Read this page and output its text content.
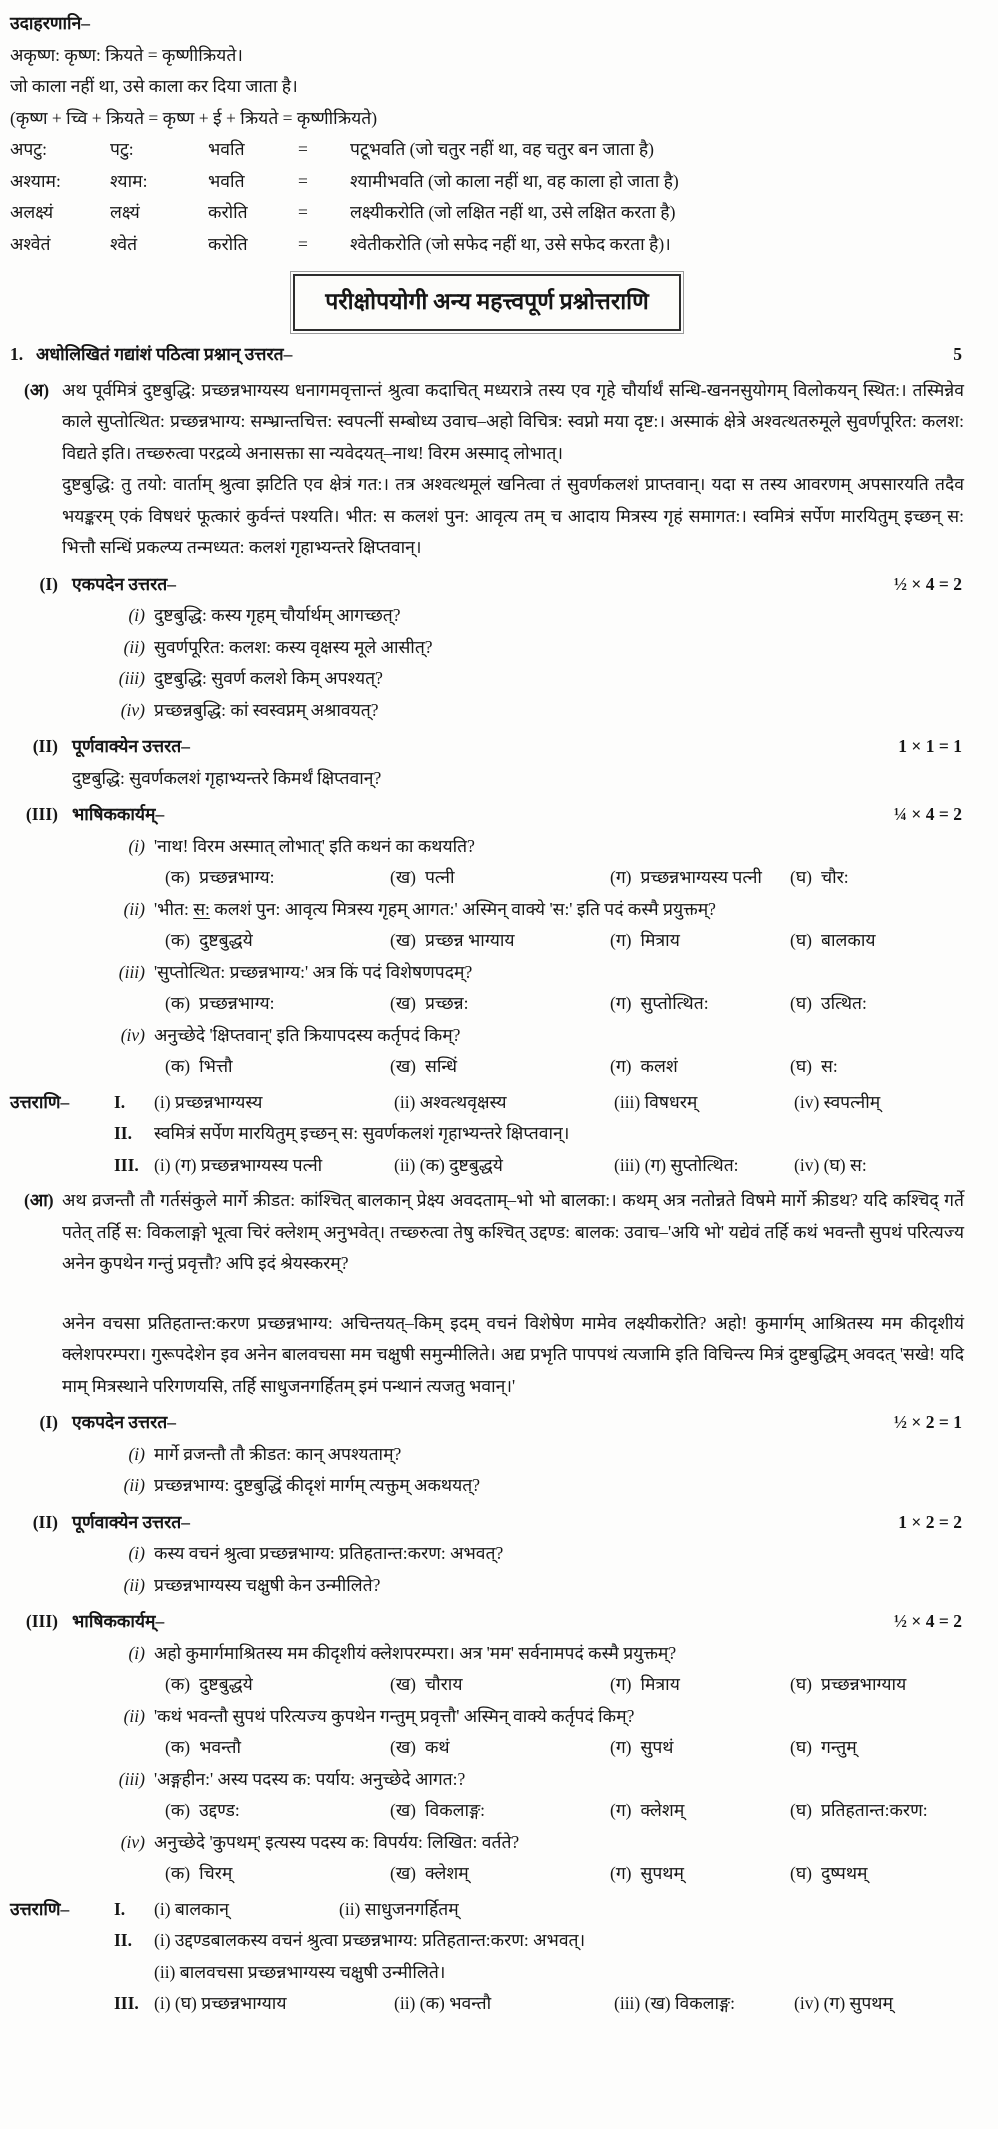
उदाहरणानि–
अकृष्ण: कृष्ण: क्रियते = कृष्णीक्रियते।
जो काला नहीं था, उसे काला कर दिया जाता है।
(कृष्ण + च्वि + क्रियते = कृष्ण + ई + क्रियते = कृष्णीक्रियते)
अपटु:	पटु:	भवति	=	पटूभवति (जो चतुर नहीं था, वह चतुर बन जाता है)
अश्याम:	श्याम:	भवति	=	श्यामीभवति (जो काला नहीं था, वह काला हो जाता है)
अलक्ष्यं	लक्ष्यं	करोति	=	लक्ष्यीकरोति (जो लक्षित नहीं था, उसे लक्षित करता है)
अश्वेतं	श्वेतं	करोति	=	श्वेतीकरोति (जो सफेद नहीं था, उसे सफेद करता है)।
परीक्षोपयोगी अन्य महत्त्वपूर्ण प्रश्नोत्तराणि
1. अधोलिखितं गद्यांशं पठित्वा प्रश्नान् उत्तरत–	5
(अ) अथ पूर्वमित्रं दुष्टबुद्धि: प्रच्छन्नभाग्यस्य धनागमवृत्तान्तं श्रुत्वा कदाचित् मध्यरात्रे तस्य एव गृहे चौर्यार्थं सन्धि-खननसुयोगम् विलोकयन् स्थित:। तस्मिन्नेव काले सुप्तोत्थित: प्रच्छन्नभाग्य: सम्भ्रान्तचित्त: स्वपत्नीं सम्बोध्य उवाच–अहो विचित्र: स्वप्नो मया दृष्ट:। अस्माकं क्षेत्रे अश्वत्थतरुमूले सुवर्णपूरित: कलश: विद्यते इति। तच्छ्रुत्वा परद्रव्ये अनासक्ता सा न्यवेदयत्–नाथ! विरम अस्माद् लोभात्।
दुष्टबुद्धि: तु तयो: वार्ताम् श्रुत्वा झटिति एव क्षेत्रं गत:। तत्र अश्वत्थमूलं खनित्वा तं सुवर्णकलशं प्राप्तवान्। यदा स तस्य आवरणम् अपसारयति तदैव भयङ्करम् एकं विषधरं फूत्कारं कुर्वन्तं पश्यति। भीत: स कलशं पुन: आवृत्य तम् च आदाय मित्रस्य गृहं समागत:। स्वमित्रं सर्पेण मारयितुम् इच्छन् स: भित्तौ सन्धिं प्रकल्प्य तन्मध्यत: कलशं गृहाभ्यन्तरे क्षिप्तवान्।
(I) एकपदेन उत्तरत–	½ × 4 = 2
(i) दुष्टबुद्धि: कस्य गृहम् चौर्यार्थम् आगच्छत्?
(ii) सुवर्णपूरित: कलश: कस्य वृक्षस्य मूले आसीत्?
(iii) दुष्टबुद्धि: सुवर्ण कलशे किम् अपश्यत्?
(iv) प्रच्छन्नबुद्धि: कां स्वस्वप्नम् अश्रावयत्?
(II) पूर्णवाक्येन उत्तरत–	1 × 1 = 1
दुष्टबुद्धि: सुवर्णकलशं गृहाभ्यन्तरे किमर्थं क्षिप्तवान्?
(III) भाषिककार्यम्–	¼ × 4 = 2
(i) 'नाथ! विरम अस्मात् लोभात्' इति कथनं का कथयति?
(क) प्रच्छन्नभाग्य:	(ख) पत्नी	(ग) प्रच्छन्नभाग्यस्य पत्नी	(घ) चौर:
(ii) 'भीत: स: कलशं पुन: आवृत्य मित्रस्य गृहम् आगत:' अस्मिन् वाक्ये 'स:' इति पदं कस्मै प्रयुक्तम्?
(क) दुष्टबुद्धये	(ख) प्रच्छन्न भाग्याय	(ग) मित्राय	(घ) बालकाय
(iii) 'सुप्तोत्थित: प्रच्छन्नभाग्य:' अत्र किं पदं विशेषणपदम्?
(क) प्रच्छन्नभाग्य:	(ख) प्रच्छन्न:	(ग) सुप्तोत्थित:	(घ) उत्थित:
(iv) अनुच्छेदे 'क्षिप्तवान्' इति क्रियापदस्य कर्तृपदं किम्?
(क) भित्तौ	(ख) सन्धिं	(ग) कलशं	(घ) स:
उत्तराणि–	I.	(i) प्रच्छन्नभाग्यस्य	(ii) अश्वत्थवृक्षस्य	(iii) विषधरम्	(iv) स्वपत्नीम्
II.	स्वमित्रं सर्पेण मारयितुम् इच्छन् स: सुवर्णकलशं गृहाभ्यन्तरे क्षिप्तवान्।
III. (i) (ग) प्रच्छन्नभाग्यस्य पत्नी	(ii) (क) दुष्टबुद्धये	(iii) (ग) सुप्तोत्थित:	(iv) (घ) स:
(आ) अथ व्रजन्तौ तौ गर्तसंकुले मार्गे क्रीडत: कांश्चित् बालकान् प्रेक्ष्य अवदताम्–भो भो बालका:। कथम् अत्र नतोन्नते विषमे मार्गे क्रीडथ? यदि कश्चिद् गर्ते पतेत् तर्हि स: विकलाङ्गो भूत्वा चिरं क्लेशम् अनुभवेत्। तच्छ्रुत्वा तेषु कश्चित् उद्दण्ड: बालक: उवाच–'अयि भो' यद्येवं तर्हि कथं भवन्तौ सुपथं परित्यज्य अनेन कुपथेन गन्तुं प्रवृत्तौ? अपि इदं श्रेयस्करम्?
अनेन वचसा प्रतिहतान्त:करण प्रच्छन्नभाग्य: अचिन्तयत्–किम् इदम् वचनं विशेषेण मामेव लक्ष्यीकरोति? अहो! कुमार्गम् आश्रितस्य मम कीदृशीयं क्लेशपरम्परा। गुरूपदेशेन इव अनेन बालवचसा मम चक्षुषी समुन्मीलिते। अद्य प्रभृति पापपथं त्यजामि इति विचिन्त्य मित्रं दुष्टबुद्धिम् अवदत् 'सखे! यदि माम् मित्रस्थाने परिगणयसि, तर्हि साधुजनगर्हितम् इमं पन्थानं त्यजतु भवान्।'
(I) एकपदेन उत्तरत–	½ × 2 = 1
(i) मार्गे व्रजन्तौ तौ क्रीडत: कान् अपश्यताम्?
(ii) प्रच्छन्नभाग्य: दुष्टबुद्धिं कीदृशं मार्गम् त्यक्तुम् अकथयत्?
(II) पूर्णवाक्येन उत्तरत–	1 × 2 = 2
(i) कस्य वचनं श्रुत्वा प्रच्छन्नभाग्य: प्रतिहतान्त:करण: अभवत्?
(ii) प्रच्छन्नभाग्यस्य चक्षुषी केन उन्मीलिते?
(III) भाषिककार्यम्–	½ × 4 = 2
(i) अहो कुमार्गमाश्रितस्य मम कीदृशीयं क्लेशपरम्परा। अत्र 'मम' सर्वनामपदं कस्मै प्रयुक्तम्?
(क) दुष्टबुद्धये	(ख) चौराय	(ग) मित्राय	(घ) प्रच्छन्नभाग्याय
(ii) 'कथं भवन्तौ सुपथं परित्यज्य कुपथेन गन्तुम् प्रवृत्तौ' अस्मिन् वाक्ये कर्तृपदं किम्?
(क) भवन्तौ	(ख) कथं	(ग) सुपथं	(घ) गन्तुम्
(iii) 'अङ्गहीन:' अस्य पदस्य क: पर्याय: अनुच्छेदे आगत:?
(क) उद्दण्ड:	(ख) विकलाङ्ग:	(ग) क्लेशम्	(घ) प्रतिहतान्त:करण:
(iv) अनुच्छेदे 'कुपथम्' इत्यस्य पदस्य क: विपर्यय: लिखित: वर्तते?
(क) चिरम्	(ख) क्लेशम्	(ग) सुपथम्	(घ) दुष्पथम्
उत्तराणि–	I.	(i) बालकान्	(ii) साधुजनगर्हितम्
II.	(i) उद्दण्डबालकस्य वचनं श्रुत्वा प्रच्छन्नभाग्य: प्रतिहतान्त:करण: अभवत्।
(ii) बालवचसा प्रच्छन्नभाग्यस्य चक्षुषी उन्मीलिते।
III. (i) (घ) प्रच्छन्नभाग्याय	(ii) (क) भवन्तौ	(iii) (ख) विकलाङ्ग:	(iv) (ग) सुपथम्
